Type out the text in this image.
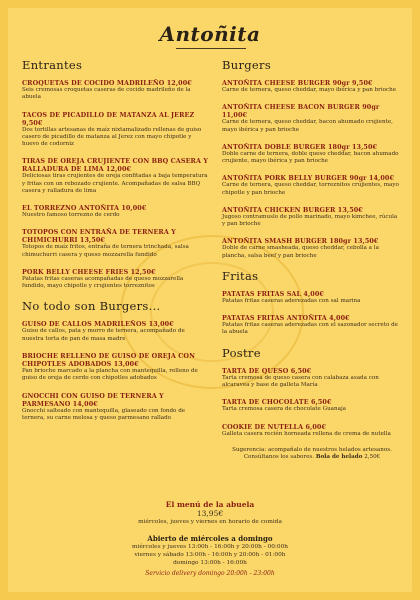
Antoñita
Entrantes
CROQUETAS DE COCIDO MADRILEÑO 12,00€
Seis cremosas croquetas caseras de cocido madrileño de la abuela
TACOS DE PICADILLO DE MATANZA AL JEREZ 9,50€
Dos tortillas artesanas de maíz nixtamalizado rellenas de guiso casero de picadillo de matanza al Jerez con mayo chipotle y huevo de codorniz
TIRAS DE OREJA CRUJIENTE CON BBQ CASERA Y RALLADURA DE LIMA 12,00€
Deliciosas tiras crujientes de oreja confitadas a baja temperatura y fritas con un rebozado crujiente. Acompañadas de salsa BBQ casera y ralladura de lima
EL TORREZNO ANTOÑITA 10,00€
Nuestro famoso torrezno de cerdo
TOTOPOS CON ENTRAÑA DE TERNERA Y CHIMICHURRI 13,50€
Totopos de maíz fritos, entraña de ternera trinchada, salsa chimuchurri casera y queso mozzarella fundido
PORK BELLY CHEESE FRIES 12,50€
Patatas fritas caseras acompañadas de queso mozzarella fundido, mayo chipotle y crujientes torreznitos
No todo son Burgers...
GUISO DE CALLOS MADRILEÑOS 13,00€
Guiso de callos, pata y morro de ternera, acompañado de nuestra torta de pan de masa madre
BRIOCHE RELLENO DE GUISO DE OREJA CON CHIPOTLES ADOBADOS 13,00€
Pan brioche marcado a la plancha con mantequilla, relleno de guiso de oreja de cerdo con chipotles adobados
GNOCCHI CON GUISO DE TERNERA Y PARMESANO 14,00€
Gnocchi salteado con mantequilla, glaseado con fondo de ternera, su carne melosa y queso parmesano rallado
Burgers
ANTOÑITA CHEESE BURGER 90gr 9,50€
Carne de ternera, queso cheddar, mayo ibérica y pan brioche
ANTOÑITA CHEESE BACON BURGER 90gr 11,00€
Carne de ternera, queso cheddar, bacon ahumado crujiente, mayo ibérica y pan brioche
ANTOÑITA DOBLE BURGER 180gr 13,50€
Doble carne de ternera, doble queso cheddar, bacon ahumado crujiente, mayo ibérica y pan brioche
ANTOÑITA PORK BELLY BURGER 90gr 14,00€
Carne de ternera, queso cheddar, torreznitos crujientes, mayo chipotle y pan brioche
ANTOÑITA CHICKEN BURGER 13,50€
Jugoso contramuslo de pollo marinado, mayo kimchee, rúcula y pan brioche
ANTOÑITA SMASH BURGER 180gr 13,50€
Doble de carne smasheada, queso cheddar, cebolla a la plancha, salsa beef y pan brioche
Fritas
PATATAS FRITAS SAL 4,00€
Patatas fritas caseras aderezadas con sal marina
PATATAS FRITAS ANTOÑITA 4,00€
Patatas fritas caseras aderezadas con el sazonador secreto de la abuela
Postre
TARTA DE QUESO 6,50€
Tarta cremosa de queso casera con calabaza asada con alcaravea y base de galleta María
TARTA DE CHOCOLATE 6,50€
Tarta cremosa casera de chocolate Guanaja
COOKIE DE NUTELLA 6,00€
Galleta casera recién horneada rellena de crema de nutella
Sugerencia: acompañalo de nuestros helados artesanos. Consúltanos los sabores. Bola de helado 2,50€
El menú de la abuela
13,95€
miércoles, jueves y viernes en horario de comida
Abierto de miércoles a domingo
miércoles y jueves 13:00h - 16:00h y 20:00h - 00:00h
viernes y sábado 13:00h - 16:00h y 20:00h - 01:00h
domingo 13:00h - 16:00h
Servicio delivery domingo 20:00h - 23:00h
